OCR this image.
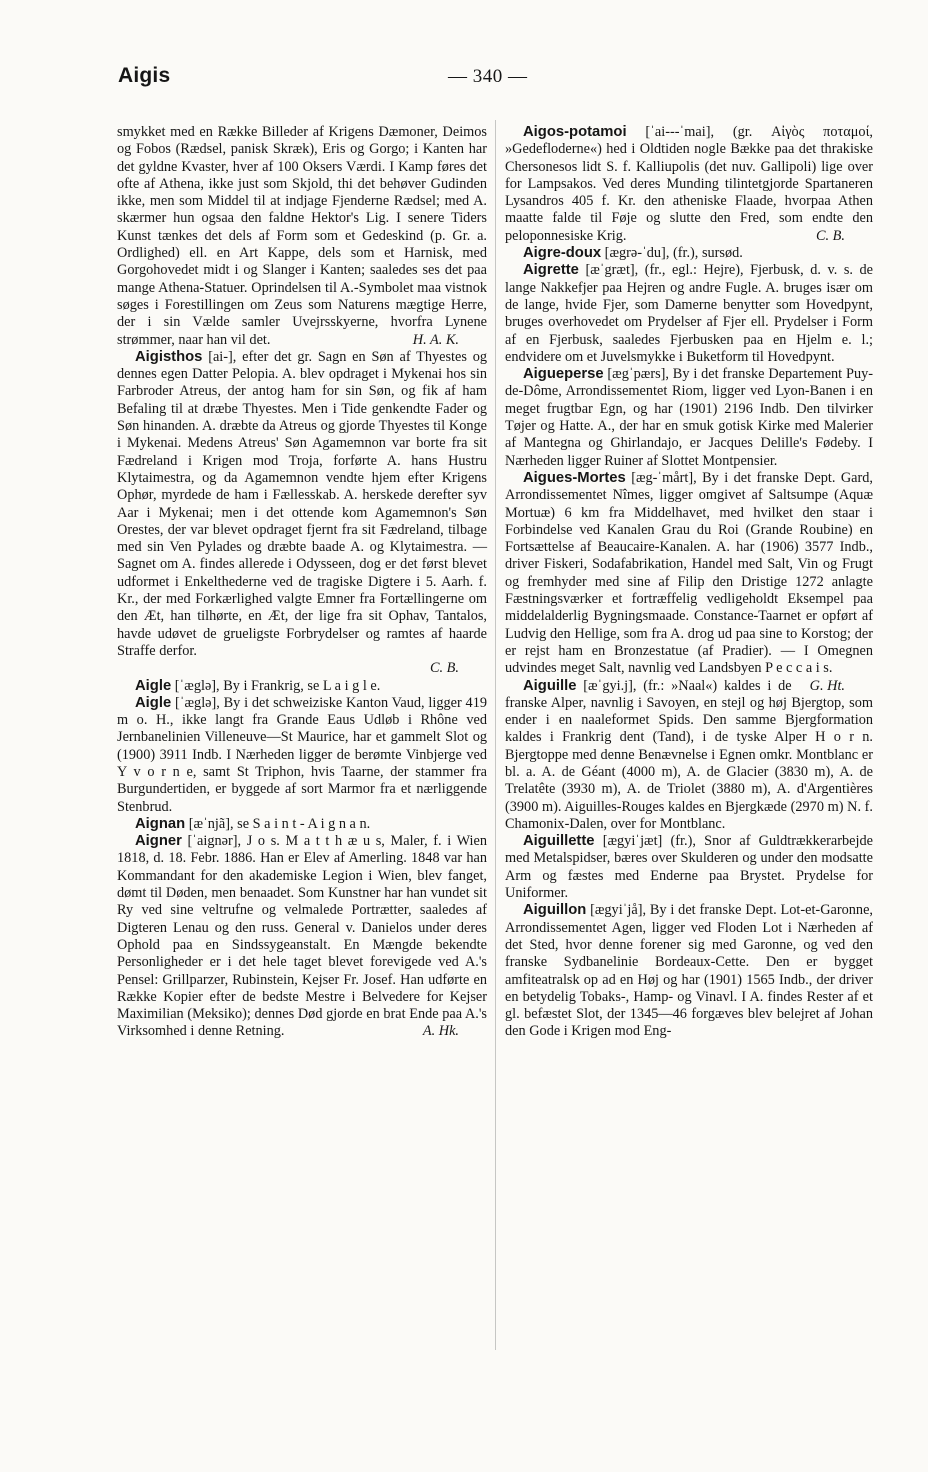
Aigis	— 340 —

smykket med en Række Billeder af Krigens Dæmoner, Deimos og Fobos (Rædsel, panisk Skræk), Eris og Gorgo; i Kanten har det gyldne Kvaster, hver af 100 Oksers Værdi. I Kamp føres det ofte af Athena, ikke just som Skjold, thi det behøver Gudinden ikke, men som Middel til at indjage Fjenderne Rædsel; med A. skærmer hun ogsaa den faldne Hektor's Lig. I senere Tiders Kunst tænkes det dels af Form som et Gedeskind (p. Gr. a. Ordlighed) ell. en Art Kappe, dels som et Harnisk, med Gorgohovedet midt i og Slanger i Kanten; saaledes ses det paa mange Athena-Statuer. Oprindelsen til A.-Symbolet maa vistnok søges i Forestillingen om Zeus som Naturens mægtige Herre, der i sin Vælde samler Uvejrsskyerne, hvorfra Lynene strømmer, naar han vil det.	H. A. K.

Aigisthos [ai-], efter det gr. Sagn en Søn af Thyestes og dennes egen Datter Pelopia. A. blev opdraget i Mykenai hos sin Farbroder Atreus, der antog ham for sin Søn, og fik af ham Befaling til at dræbe Thyestes. Men i Tide genkendte Fader og Søn hinanden. A. dræbte da Atreus og gjorde Thyestes til Konge i Mykenai. Medens Atreus' Søn Agamemnon var borte fra sit Fædreland i Krigen mod Troja, forførte A. hans Hustru Klytaimestra, og da Agamemnon vendte hjem efter Krigens Ophør, myrdede de ham i Fællesskab. A. herskede derefter syv Aar i Mykenai; men i det ottende kom Agamemnon's Søn Orestes, der var blevet opdraget fjernt fra sit Fædreland, tilbage med sin Ven Pylades og dræbte baade A. og Klytaimestra. — Sagnet om A. findes allerede i Odysseen, dog er det først blevet udformet i Enkelthederne ved de tragiske Digtere i 5. Aarh. f. Kr., der med Forkærlighed valgte Emner fra Fortællingerne om den Æt, han tilhørte, en Æt, der lige fra sit Ophav, Tantalos, havde udøvet de grueligste Forbrydelser og ramtes af haarde Straffe derfor.
C. B.

Aigle [ˈæglə], By i Frankrig, se L a i g l e.

Aigle [ˈæglə], By i det schweiziske Kanton Vaud, ligger 419 m o. H., ikke langt fra Grande Eaus Udløb i Rhône ved Jernbanelinien Villeneuve—St Maurice, har et gammelt Slot og (1900) 3911 Indb. I Nærheden ligger de berømte Vinbjerge ved Y v o r n e, samt St Triphon, hvis Taarne, der stammer fra Burgundertiden, er byggede af sort Marmor fra et nærliggende Stenbrud.

Aignan [æˈnjã], se S a i n t - A i g n a n.

Aigner [ˈaignər], J o s. M a t t h æ u s, Maler, f. i Wien 1818, d. 18. Febr. 1886. Han er Elev af Amerling. 1848 var han Kommandant for den akademiske Legion i Wien, blev fanget, dømt til Døden, men benaadet. Som Kunstner har han vundet sit Ry ved sine veltrufne og velmalede Portrætter, saaledes af Digteren Lenau og den russ. General v. Danielos under deres Ophold paa en Sindssygeanstalt. En Mængde bekendte Personligheder er i det hele taget blevet forevigede ved A.'s Pensel: Grillparzer, Rubinstein, Kejser Fr. Josef. Han udførte en Række Kopier efter de bedste Mestre i Belvedere for Kejser Maximilian (Meksiko); dennes Død gjorde en brat Ende paa A.'s Virksomhed i denne Retning.	A. Hk.

Aigos-potamoi [ˈai---ˈmai], (gr. Αἰγὸς ποταμοί, »Gedefloderne«) hed i Oldtiden nogle Bække paa det thrakiske Chersonesos lidt S. f. Kalliupolis (det nuv. Gallipoli) lige over for Lampsakos. Ved deres Munding tilintetgjorde Spartaneren Lysandros 405 f. Kr. den atheniske Flaade, hvorpaa Athen maatte falde til Føje og slutte den Fred, som endte den peloponnesiske Krig.	C. B.

Aigre-doux [ægrə-ˈdu], (fr.), sursød.

Aigrette [æˈgræt], (fr., egl.: Hejre), Fjerbusk, d. v. s. de lange Nakkefjer paa Hejren og andre Fugle. A. bruges især om de lange, hvide Fjer, som Damerne benytter som Hovedpynt, bruges overhovedet om Prydelser af Fjer ell. Prydelser i Form af en Fjerbusk, saaledes Fjerbusken paa en Hjelm e. l.; endvidere om et Juvelsmykke i Buketform til Hovedpynt.

Aigueperse [ægˈpærs], By i det franske Departement Puy-de-Dôme, Arrondissementet Riom, ligger ved Lyon-Banen i en meget frugtbar Egn, og har (1901) 2196 Indb. Den tilvirker Tøjer og Hatte. A., der har en smuk gotisk Kirke med Malerier af Mantegna og Ghirlandajo, er Jacques Delille's Fødeby. I Nærheden ligger Ruiner af Slottet Montpensier.

Aigues-Mortes [æg-ˈmårt], By i det franske Dept. Gard, Arrondissementet Nîmes, ligger omgivet af Saltsumpe (Aquæ Mortuæ) 6 km fra Middelhavet, med hvilket den staar i Forbindelse ved Kanalen Grau du Roi (Grande Roubine) en Fortsættelse af Beaucaire-Kanalen. A. har (1906) 3577 Indb., driver Fiskeri, Sodafabrikation, Handel med Salt, Vin og Frugt og fremhyder med sine af Filip den Dristige 1272 anlagte Fæstningsværker et fortræffelig vedligeholdt Eksempel paa middelalderlig Bygningsmaade. Constance-Taarnet er opført af Ludvig den Hellige, som fra A. drog ud paa sine to Korstog; der er rejst ham en Bronzestatue (af Pradier). — I Omegnen udvindes meget Salt, navnlig ved Landsbyen P e c c a i s.
G. Ht.

Aiguille [æˈgyi.j], (fr.: »Naal«) kaldes i de franske Alper, navnlig i Savoyen, en stejl og høj Bjergtop, som ender i en naaleformet Spids. Den samme Bjergformation kaldes i Frankrig dent (Tand), i de tyske Alper H o r n. Bjergtoppe med denne Benævnelse i Egnen omkr. Montblanc er bl. a. A. de Géant (4000 m), A. de Glacier (3830 m), A. de Trelatête (3930 m), A. de Triolet (3880 m), A. d'Argentières (3900 m). Aiguilles-Rouges kaldes en Bjergkæde (2970 m) N. f. Chamonix-Dalen, over for Montblanc.

Aiguillette [ægyiˈjæt] (fr.), Snor af Guldtrækkerarbejde med Metalspidser, bæres over Skulderen og under den modsatte Arm og fæstes med Enderne paa Brystet. Prydelse for Uniformer.

Aiguillon [ægyiˈjå], By i det franske Dept. Lot-et-Garonne, Arrondissementet Agen, ligger ved Floden Lot i Nærheden af det Sted, hvor denne forener sig med Garonne, og ved den franske Sydbanelinie Bordeaux-Cette. Den er bygget amfiteatralsk op ad en Høj og har (1901) 1565 Indb., der driver en betydelig Tobaks-, Hamp- og Vinavl. I A. findes Rester af et gl. befæstet Slot, der 1345—46 forgæves blev belejret af Johan den Gode i Krigen mod Eng-
